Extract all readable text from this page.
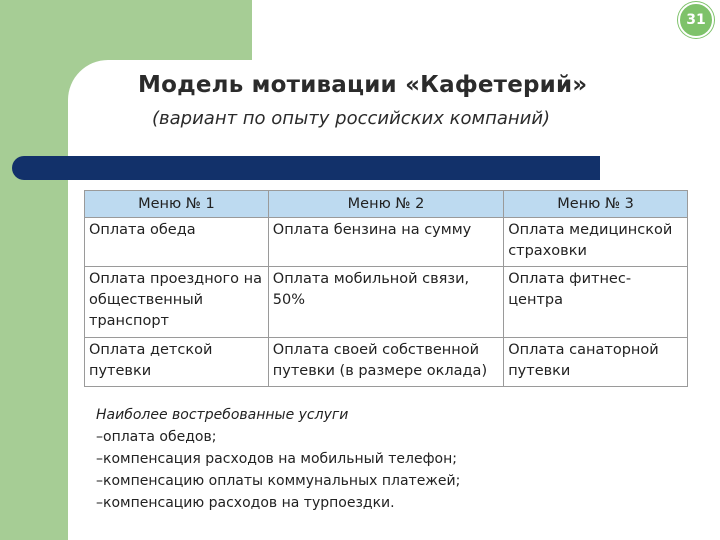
31
Модель мотивации «Кафетерий»
(вариант по опыту российских компаний)
Меню № 1	Меню № 2	Меню № 3
Оплата обеда	Оплата бензина на сумму	Оплата медицинской страховки
Оплата проездного на общественный транспорт	Оплата мобильной связи, 50%	Оплата фитнес-центра
Оплата детской путевки	Оплата своей собственной путевки (в размере оклада)	Оплата санаторной путевки
Наиболее востребованные услуги
–оплата обедов;
–компенсация расходов на мобильный телефон;
–компенсацию оплаты коммунальных платежей;
–компенсацию расходов на турпоездки.
